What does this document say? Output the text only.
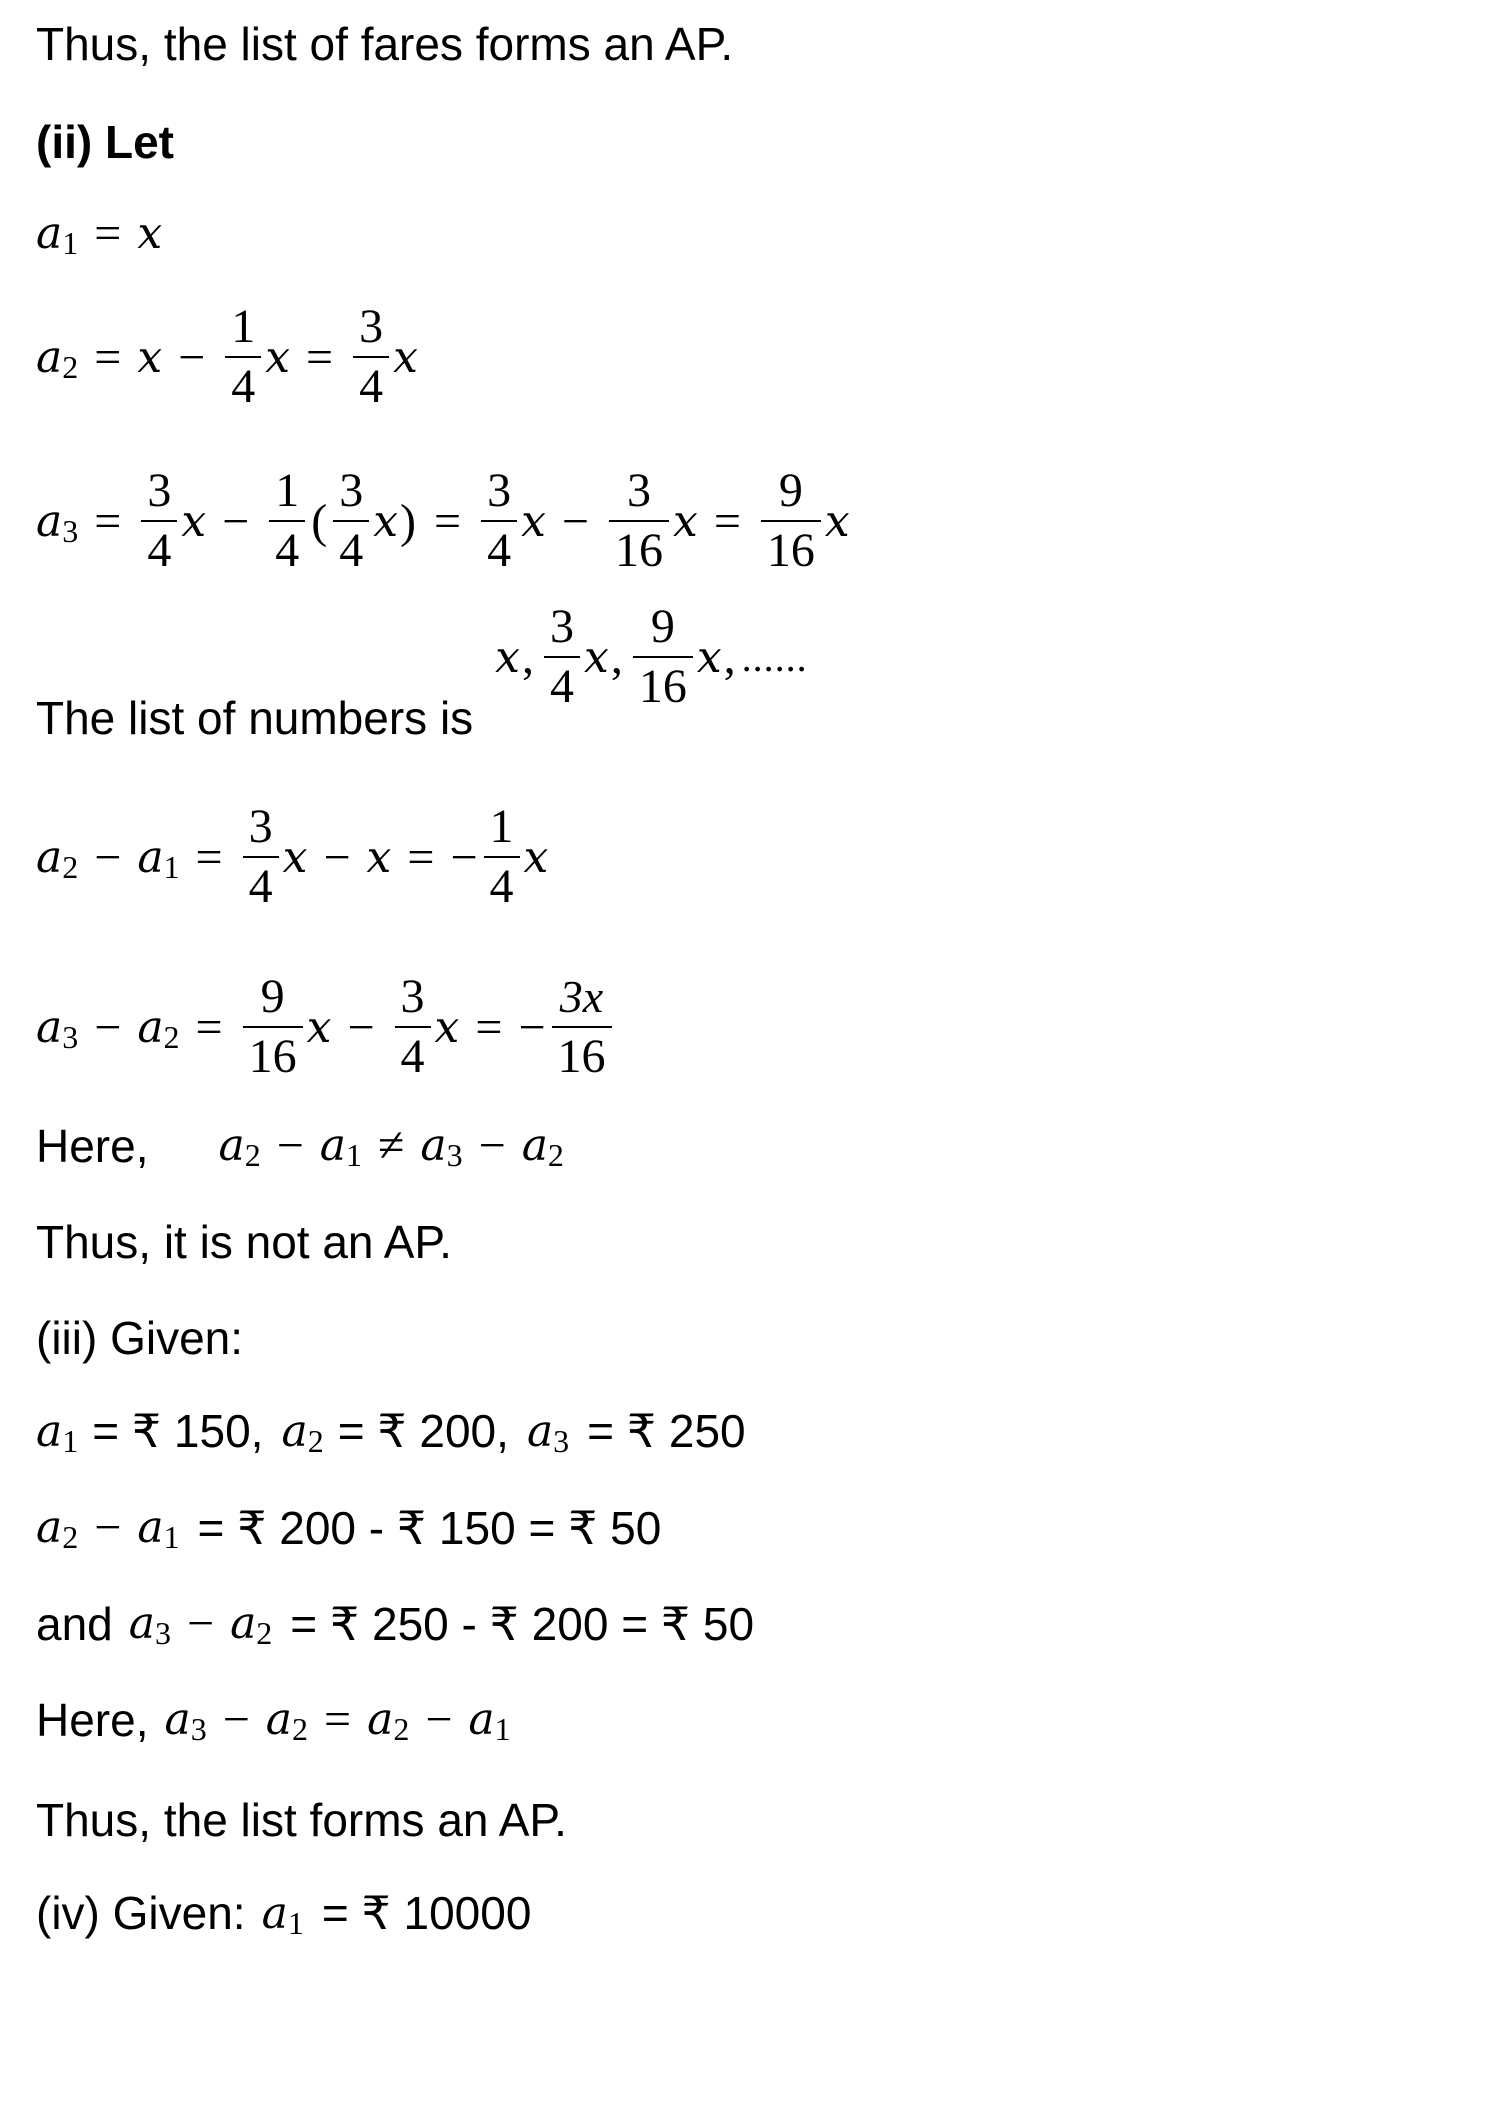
Thus, the list of fares forms an AP.
(ii) Let
a 1 = x
a $2 = x - \frac{1}{4}$ $x = \frac{3}{4}$ x
a $3 = \frac{3}{4}$ $x - \frac{1}{4}$ ( $\frac{3}{4}$ x ) = $\frac{3}{4}$ $x - \frac{3}{16}$ $x = \frac{9}{16}$ x
The list of numbers is
x , $\frac{3}{4}$ x , $\frac{9}{16}$ x , ......
a 2 − a $1 = \frac{3}{4}$ x − x = − $\frac{1}{4}$ x
a 3 − a $2 = \frac{9}{16}$ $x - \frac{3}{4}$ x = − $\frac{3x}{16}$
Here, a 2 − a 1 ≠ a 3 − a 2
Thus, it is not an AP.
(iii) Given:
a 1 = ₹ 150, a 2 = ₹ 200, a 3 = ₹ 250
a 2 − a 1 = ₹ 200 - ₹ 150 = ₹ 50
and a 3 − a 2 = ₹ 250 - ₹ 200 = ₹ 50
Here, a 3 − a 2 = a 2 − a 1
Thus, the list forms an AP.
(iv) Given: a 1 = ₹ 10000
